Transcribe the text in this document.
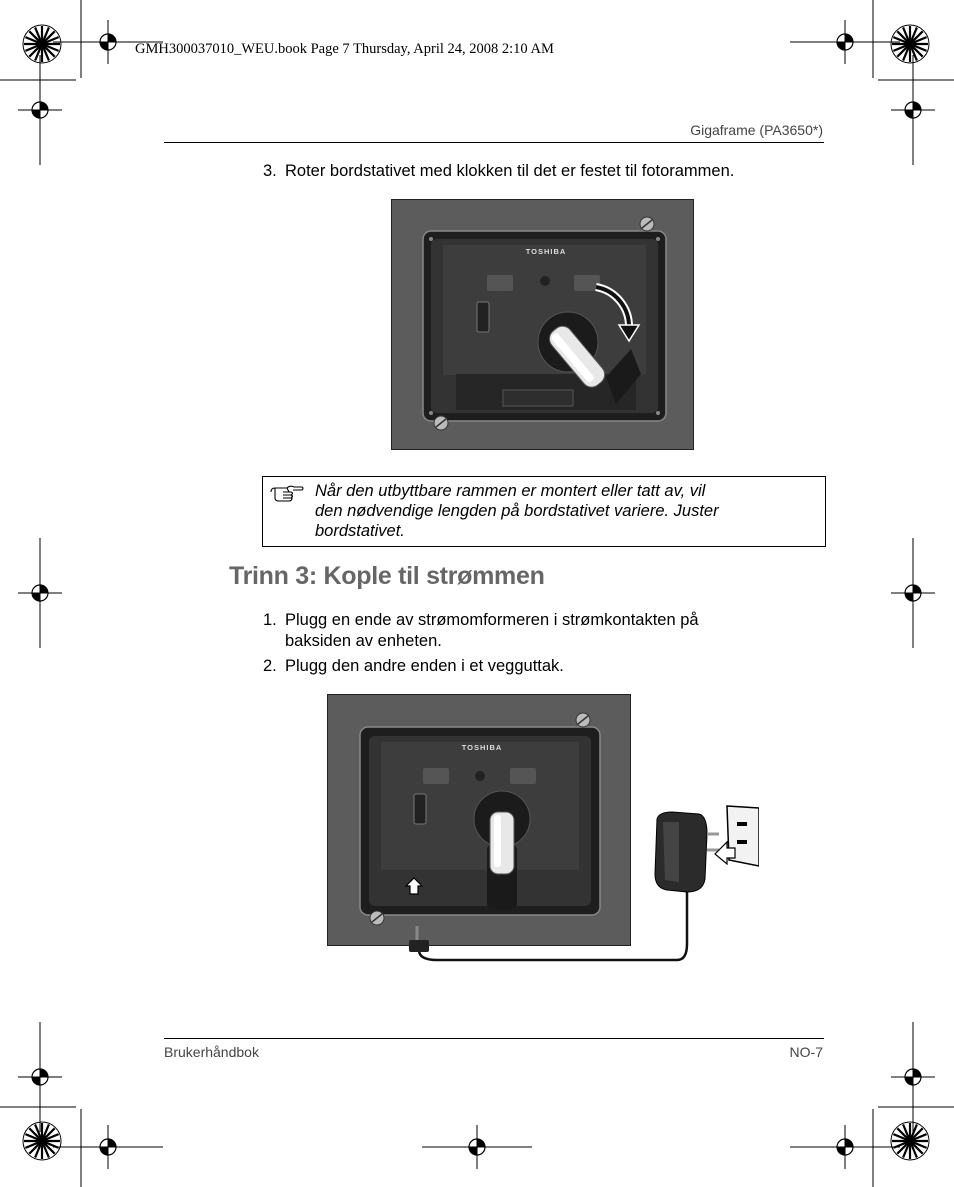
GMH300037010_WEU.book Page 7 Thursday, April 24, 2008 2:10 AM
Gigaframe (PA3650*)
3. Roter bordstativet med klokken til det er festet til fotorammen.
TOSHIBA
Når den utbyttbare rammen er montert eller tatt av, vil
den nødvendige lengden på bordstativet variere. Juster
bordstativet.
Trinn 3: Kople til strømmen
1. Plugg en ende av strømomformeren i strømkontakten på
baksiden av enheten.
2. Plugg den andre enden i et vegguttak.
TOSHIBA
Brukerhåndbok	NO-7
